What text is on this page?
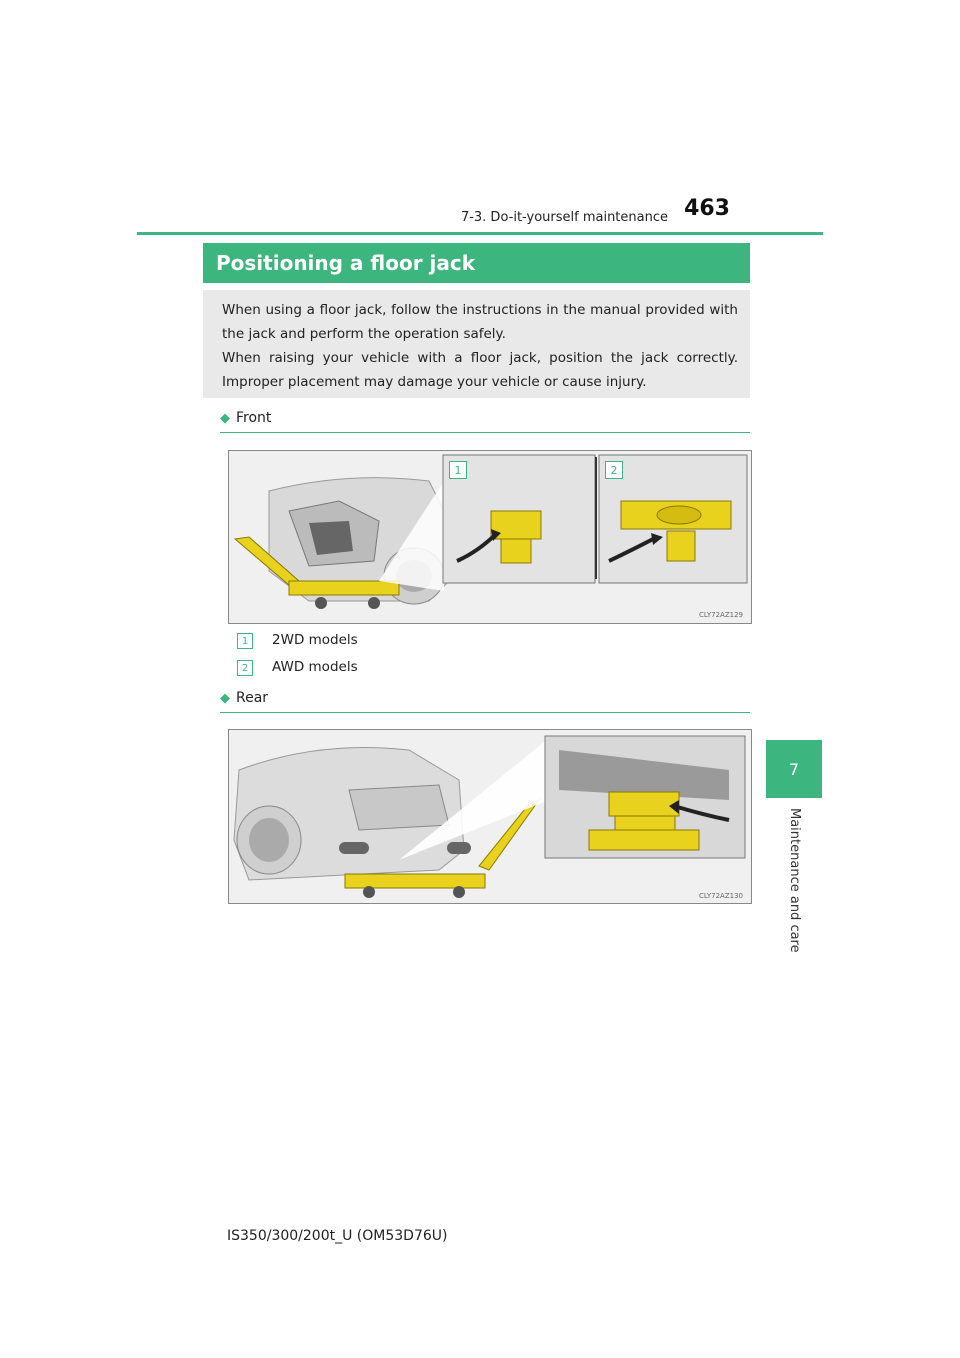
7-3. Do-it-yourself maintenance 463
7
Maintenance and care
Positioning a floor jack
When using a floor jack, follow the instructions in the manual provided with the jack and perform the operation safely.
When raising your vehicle with a floor jack, position the jack correctly. Improper placement may damage your vehicle or cause injury.
◆ Front
1	2
CLY72AZ129
1	2WD models
2	AWD models
◆ Rear
CLY72AZ130
IS350/300/200t_U (OM53D76U)
